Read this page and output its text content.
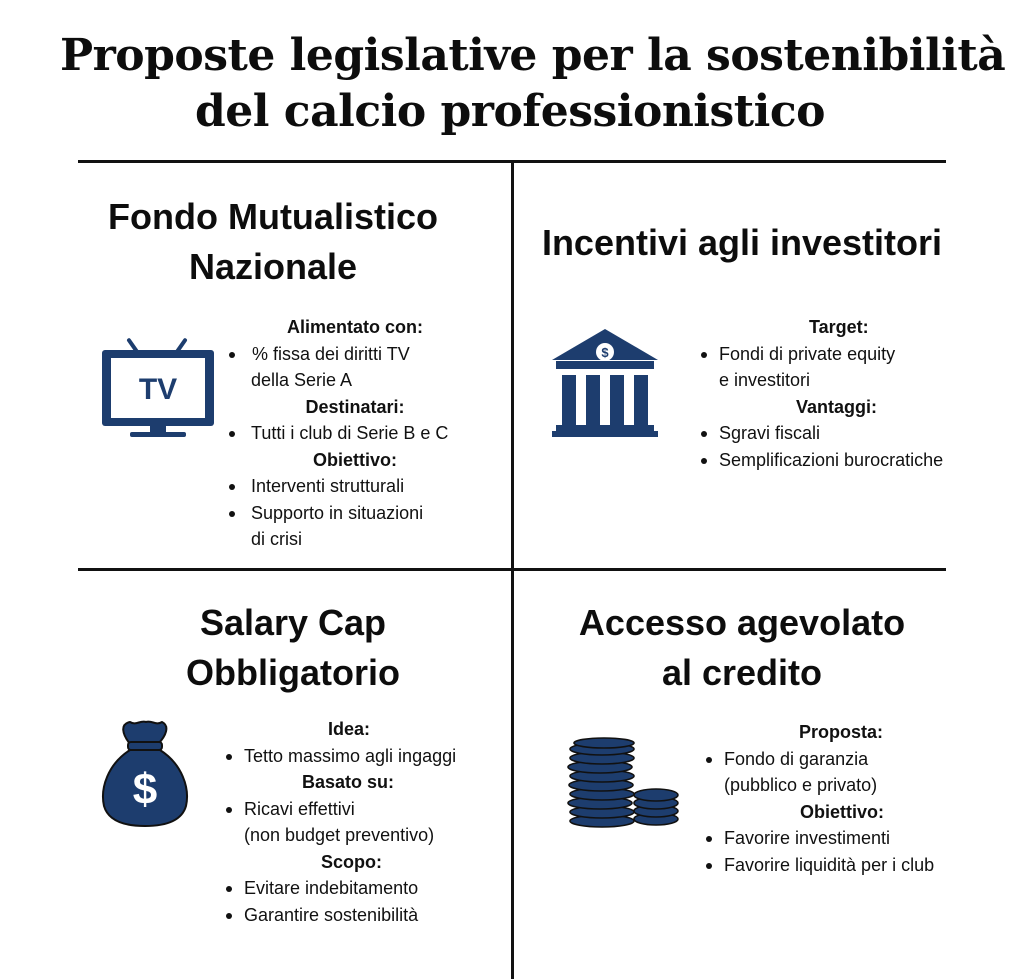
Proposte legislative per la sostenibilità
del calcio professionistico
Fondo Mutualistico
Nazionale
TV
Alimentato con:
% fissa dei diritti TV
della Serie A
Destinatari:
Tutti i club di Serie B e C
Obiettivo:
Interventi strutturali
Supporto in situazioni
di crisi
Incentivi agli investitori
$
Target:
Fondi di private equity
e investitori
Vantaggi:
Sgravi fiscali
Semplificazioni burocratiche
Salary Cap
Obbligatorio
$
Idea:
Tetto massimo agli ingaggi
Basato su:
Ricavi effettivi
(non budget preventivo)
Scopo:
Evitare indebitamento
Garantire sostenibilità
Accesso agevolato
al credito
Proposta:
Fondo di garanzia
(pubblico e privato)
Obiettivo:
Favorire investimenti
Favorire liquidità per i club
